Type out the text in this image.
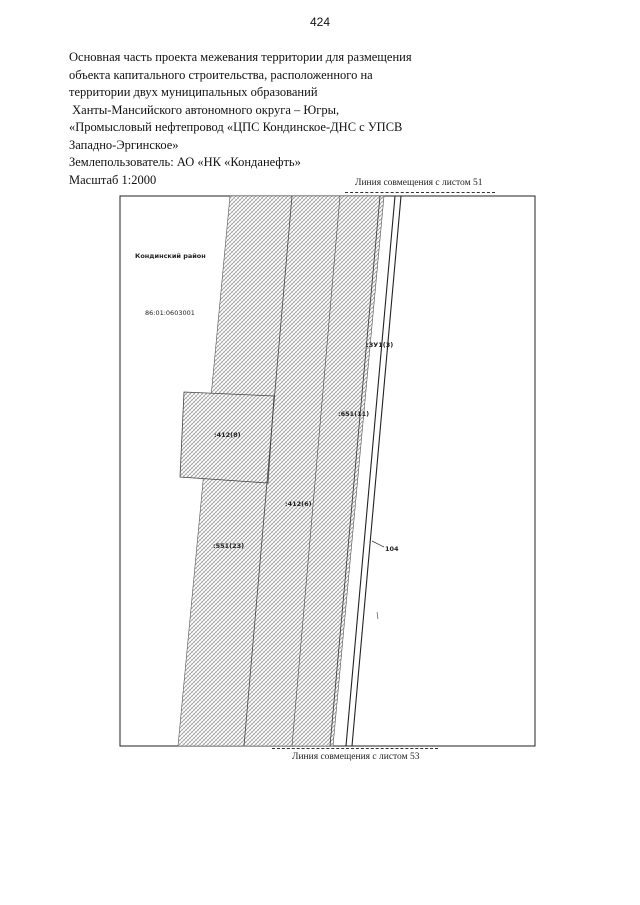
424
Основная часть проекта межевания территории для размещения
объекта капитального строительства, расположенного на
территории двух муниципальных образований
Ханты-Мансийского автономного округа – Югры,
«Промысловый нефтепровод «ЦПС Кондинское-ДНС с УПСВ
Западно-Эргинское»
Землепользователь: АО «НК «Конданефть»
Масштаб 1:2000	Линия совмещения с листом 51
Кондинский район
86:01:0603001
:ЗУ1(3)
:651(11)
:412(8)
:412(6)
:551(23)	104
Линия совмещения с листом 53
